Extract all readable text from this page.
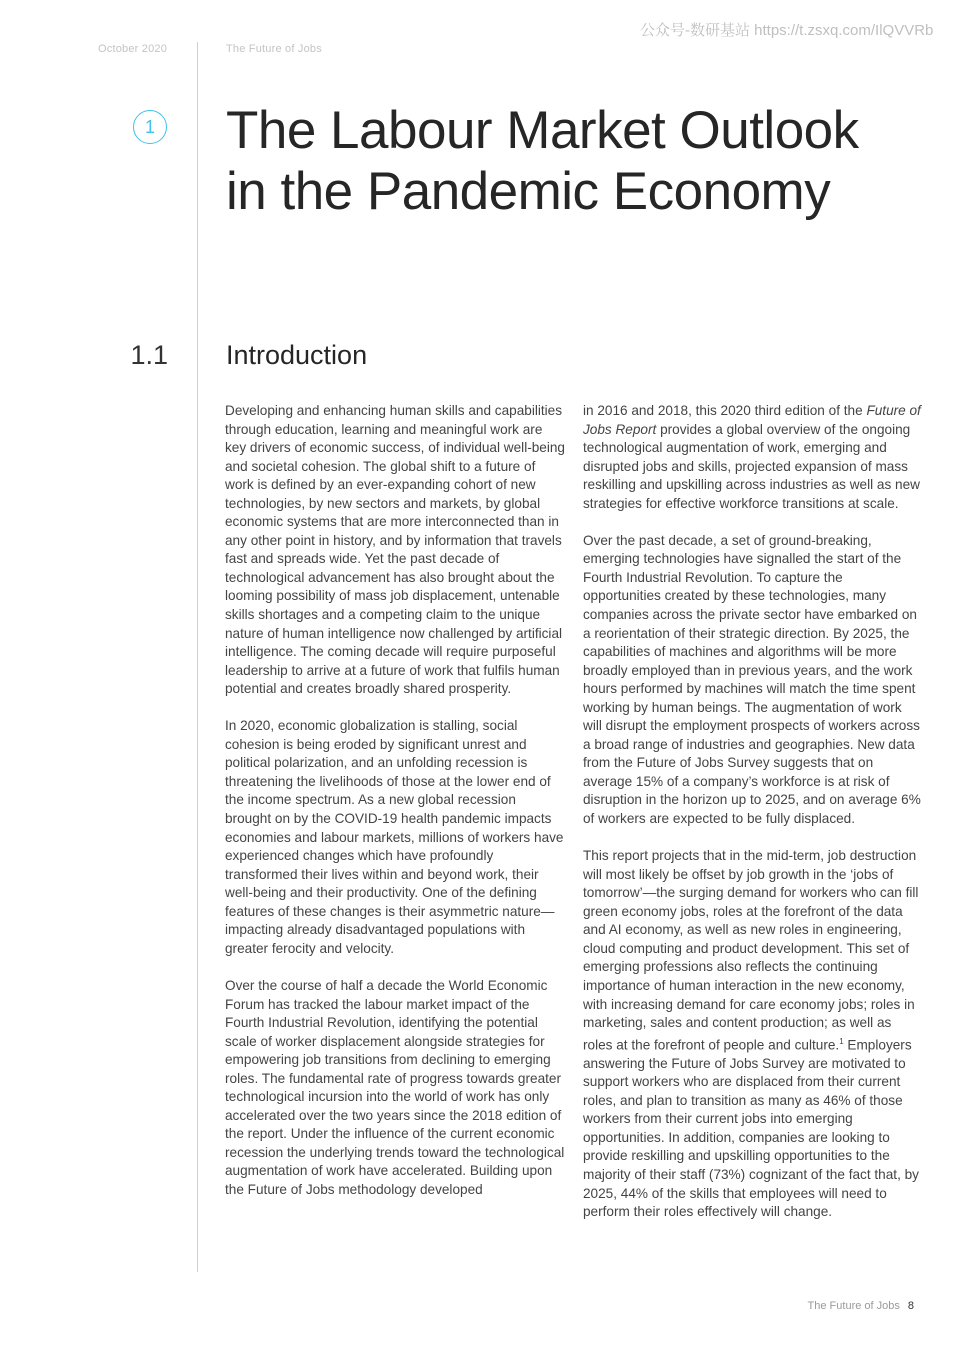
October 2020	The Future of Jobs
公众号-数研基站 https://t.zsxq.com/IlQVVRb
1 The Labour Market Outlook in the Pandemic Economy
1.1 Introduction

Developing and enhancing human skills and capabilities through education, learning and meaningful work are key drivers of economic success, of individual well-being and societal cohesion. The global shift to a future of work is defined by an ever-expanding cohort of new technologies, by new sectors and markets, by global economic systems that are more interconnected than in any other point in history, and by information that travels fast and spreads wide. Yet the past decade of technological advancement has also brought about the looming possibility of mass job displacement, untenable skills shortages and a competing claim to the unique nature of human intelligence now challenged by artificial intelligence. The coming decade will require purposeful leadership to arrive at a future of work that fulfils human potential and creates broadly shared prosperity.

In 2020, economic globalization is stalling, social cohesion is being eroded by significant unrest and political polarization, and an unfolding recession is threatening the livelihoods of those at the lower end of the income spectrum. As a new global recession brought on by the COVID-19 health pandemic impacts economies and labour markets, millions of workers have experienced changes which have profoundly transformed their lives within and beyond work, their well-being and their productivity. One of the defining features of these changes is their asymmetric nature—impacting already disadvantaged populations with greater ferocity and velocity.

Over the course of half a decade the World Economic Forum has tracked the labour market impact of the Fourth Industrial Revolution, identifying the potential scale of worker displacement alongside strategies for empowering job transitions from declining to emerging roles. The fundamental rate of progress towards greater technological incursion into the world of work has only accelerated over the two years since the 2018 edition of the report. Under the influence of the current economic recession the underlying trends toward the technological augmentation of work have accelerated. Building upon the Future of Jobs methodology developed

in 2016 and 2018, this 2020 third edition of the Future of Jobs Report provides a global overview of the ongoing technological augmentation of work, emerging and disrupted jobs and skills, projected expansion of mass reskilling and upskilling across industries as well as new strategies for effective workforce transitions at scale.

Over the past decade, a set of ground-breaking, emerging technologies have signalled the start of the Fourth Industrial Revolution. To capture the opportunities created by these technologies, many companies across the private sector have embarked on a reorientation of their strategic direction. By 2025, the capabilities of machines and algorithms will be more broadly employed than in previous years, and the work hours performed by machines will match the time spent working by human beings. The augmentation of work will disrupt the employment prospects of workers across a broad range of industries and geographies. New data from the Future of Jobs Survey suggests that on average 15% of a company’s workforce is at risk of disruption in the horizon up to 2025, and on average 6% of workers are expected to be fully displaced.

This report projects that in the mid-term, job destruction will most likely be offset by job growth in the ‘jobs of tomorrow’—the surging demand for workers who can fill green economy jobs, roles at the forefront of the data and AI economy, as well as new roles in engineering, cloud computing and product development. This set of emerging professions also reflects the continuing importance of human interaction in the new economy, with increasing demand for care economy jobs; roles in marketing, sales and content production; as well as roles at the forefront of people and culture.$^1$ Employers answering the Future of Jobs Survey are motivated to support workers who are displaced from their current roles, and plan to transition as many as 46% of those workers from their current jobs into emerging opportunities. In addition, companies are looking to provide reskilling and upskilling opportunities to the majority of their staff (73%) cognizant of the fact that, by 2025, 44% of the skills that employees will need to perform their roles effectively will change.

The Future of Jobs 8
